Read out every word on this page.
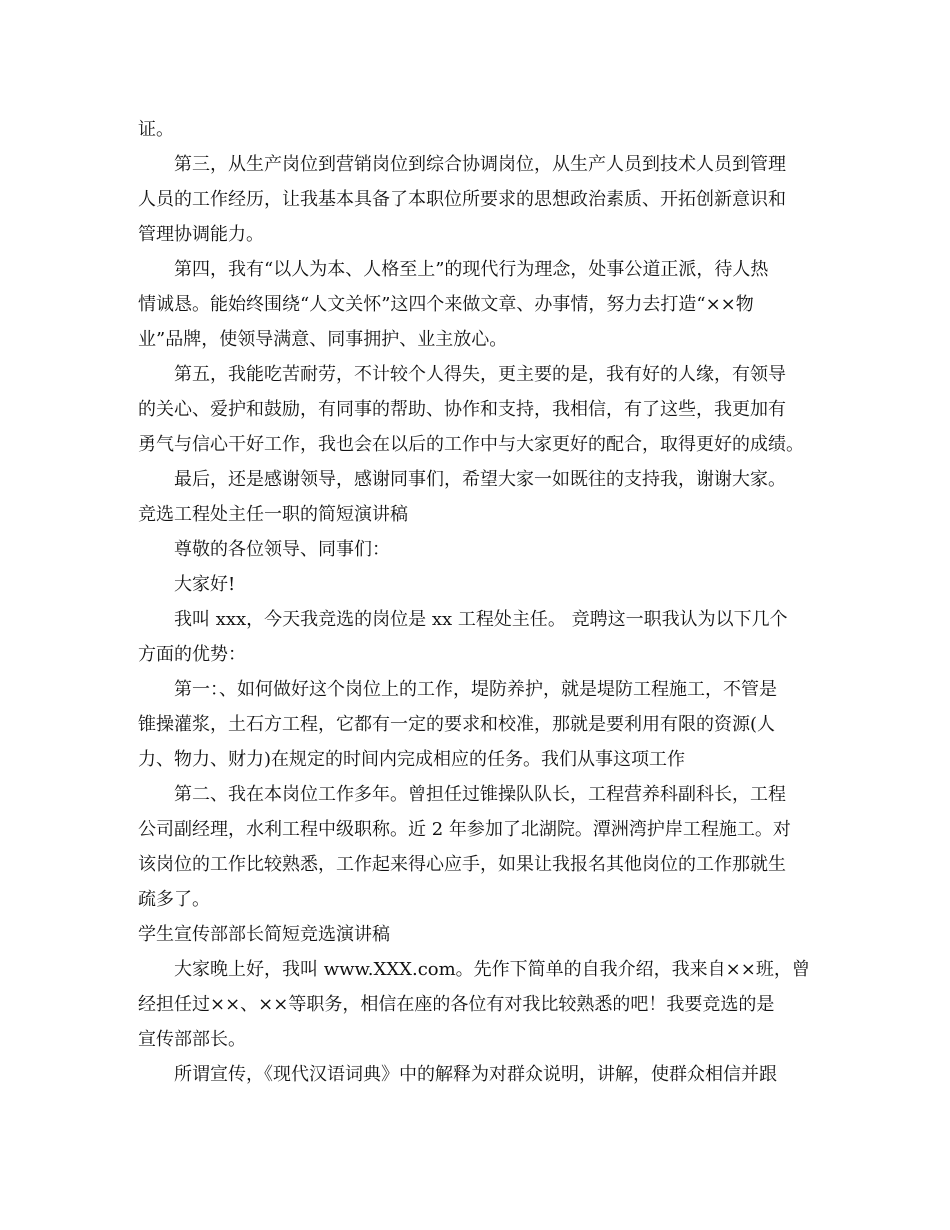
证。
第三，从生产岗位到营销岗位到综合协调岗位，从生产人员到技术人员到管理
人员的工作经历，让我基本具备了本职位所要求的思想政治素质、开拓创新意识和
管理协调能力。
第四，我有“以人为本、人格至上”的现代行为理念，处事公道正派，待人热
情诚恳。能始终围绕“人文关怀”这四个来做文章、办事情，努力去打造“××物
业”品牌，使领导满意、同事拥护、业主放心。
第五，我能吃苦耐劳，不计较个人得失，更主要的是，我有好的人缘，有领导
的关心、爱护和鼓励，有同事的帮助、协作和支持，我相信，有了这些，我更加有
勇气与信心干好工作，我也会在以后的工作中与大家更好的配合，取得更好的成绩。
最后，还是感谢领导，感谢同事们，希望大家一如既往的支持我，谢谢大家。
竞选工程处主任一职的简短演讲稿
尊敬的各位领导、同事们：
大家好!
我叫 xxx，今天我竞选的岗位是 xx 工程处主任。 竞聘这一职我认为以下几个
方面的优势：
第一：、如何做好这个岗位上的工作，堤防养护，就是堤防工程施工，不管是
锥操灌浆，土石方工程，它都有一定的要求和校准，那就是要利用有限的资源(人
力、物力、财力)在规定的时间内完成相应的任务。我们从事这项工作
第二、我在本岗位工作多年。曾担任过锥操队队长，工程营养科副科长，工程
公司副经理，水利工程中级职称。近 2 年参加了北湖院。潭洲湾护岸工程施工。对
该岗位的工作比较熟悉，工作起来得心应手，如果让我报名其他岗位的工作那就生
疏多了。
学生宣传部部长简短竞选演讲稿
大家晚上好，我叫 www.XXX.com。先作下简单的自我介绍，我来自××班，曾
经担任过××、××等职务，相信在座的各位有对我比较熟悉的吧！我要竞选的是
宣传部部长。
所谓宣传，《现代汉语词典》中的解释为对群众说明，讲解，使群众相信并跟
